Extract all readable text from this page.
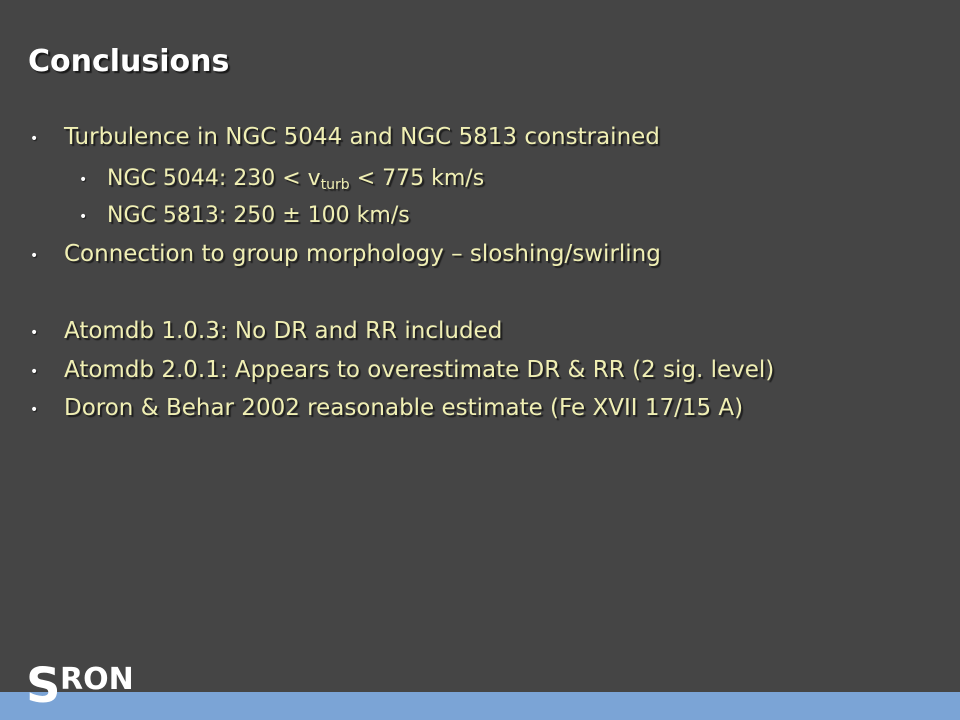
Conclusions
• Turbulence in NGC 5044 and NGC 5813 constrained
• NGC 5044: $230 < v_{turb} < 775$ km/s
• NGC 5813: 250 ± 100 km/s
• Connection to group morphology – sloshing/swirling
• Atomdb 1.0.3: No DR and RR included
• Atomdb 2.0.1: Appears to overestimate DR & RR (2 sig. level)
• Doron & Behar 2002 reasonable estimate (Fe XVII 17/15 A)
S RON
